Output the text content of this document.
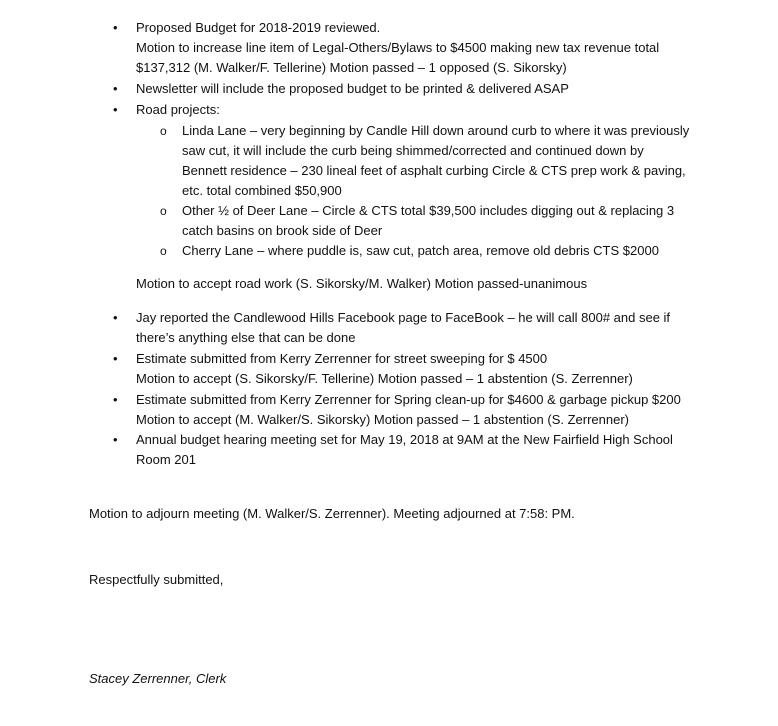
• Proposed Budget for 2018-2019 reviewed.
Motion to increase line item of Legal-Others/Bylaws to $4500 making new tax revenue total
$137,312 (M. Walker/F. Tellerine) Motion passed – 1 opposed (S. Sikorsky)
• Newsletter will include the proposed budget to be printed & delivered ASAP
• Road projects:
o Linda Lane – very beginning by Candle Hill down around curb to where it was previously
saw cut, it will include the curb being shimmed/corrected and continued down by
Bennett residence – 230 lineal feet of asphalt curbing Circle & CTS prep work & paving,
etc. total combined $50,900
o Other ½ of Deer Lane – Circle & CTS total $39,500 includes digging out & replacing 3
catch basins on brook side of Deer
o Cherry Lane – where puddle is, saw cut, patch area, remove old debris CTS $2000
Motion to accept road work (S. Sikorsky/M. Walker) Motion passed-unanimous
• Jay reported the Candlewood Hills Facebook page to FaceBook – he will call 800# and see if
there’s anything else that can be done
• Estimate submitted from Kerry Zerrenner for street sweeping for $ 4500
Motion to accept (S. Sikorsky/F. Tellerine) Motion passed – 1 abstention (S. Zerrenner)
• Estimate submitted from Kerry Zerrenner for Spring clean-up for $4600 & garbage pickup $200
Motion to accept (M. Walker/S. Sikorsky) Motion passed – 1 abstention (S. Zerrenner)
• Annual budget hearing meeting set for May 19, 2018 at 9AM at the New Fairfield High School
Room 201
Motion to adjourn meeting (M. Walker/S. Zerrenner). Meeting adjourned at 7:58: PM.
Respectfully submitted,
Stacey Zerrenner, Clerk
